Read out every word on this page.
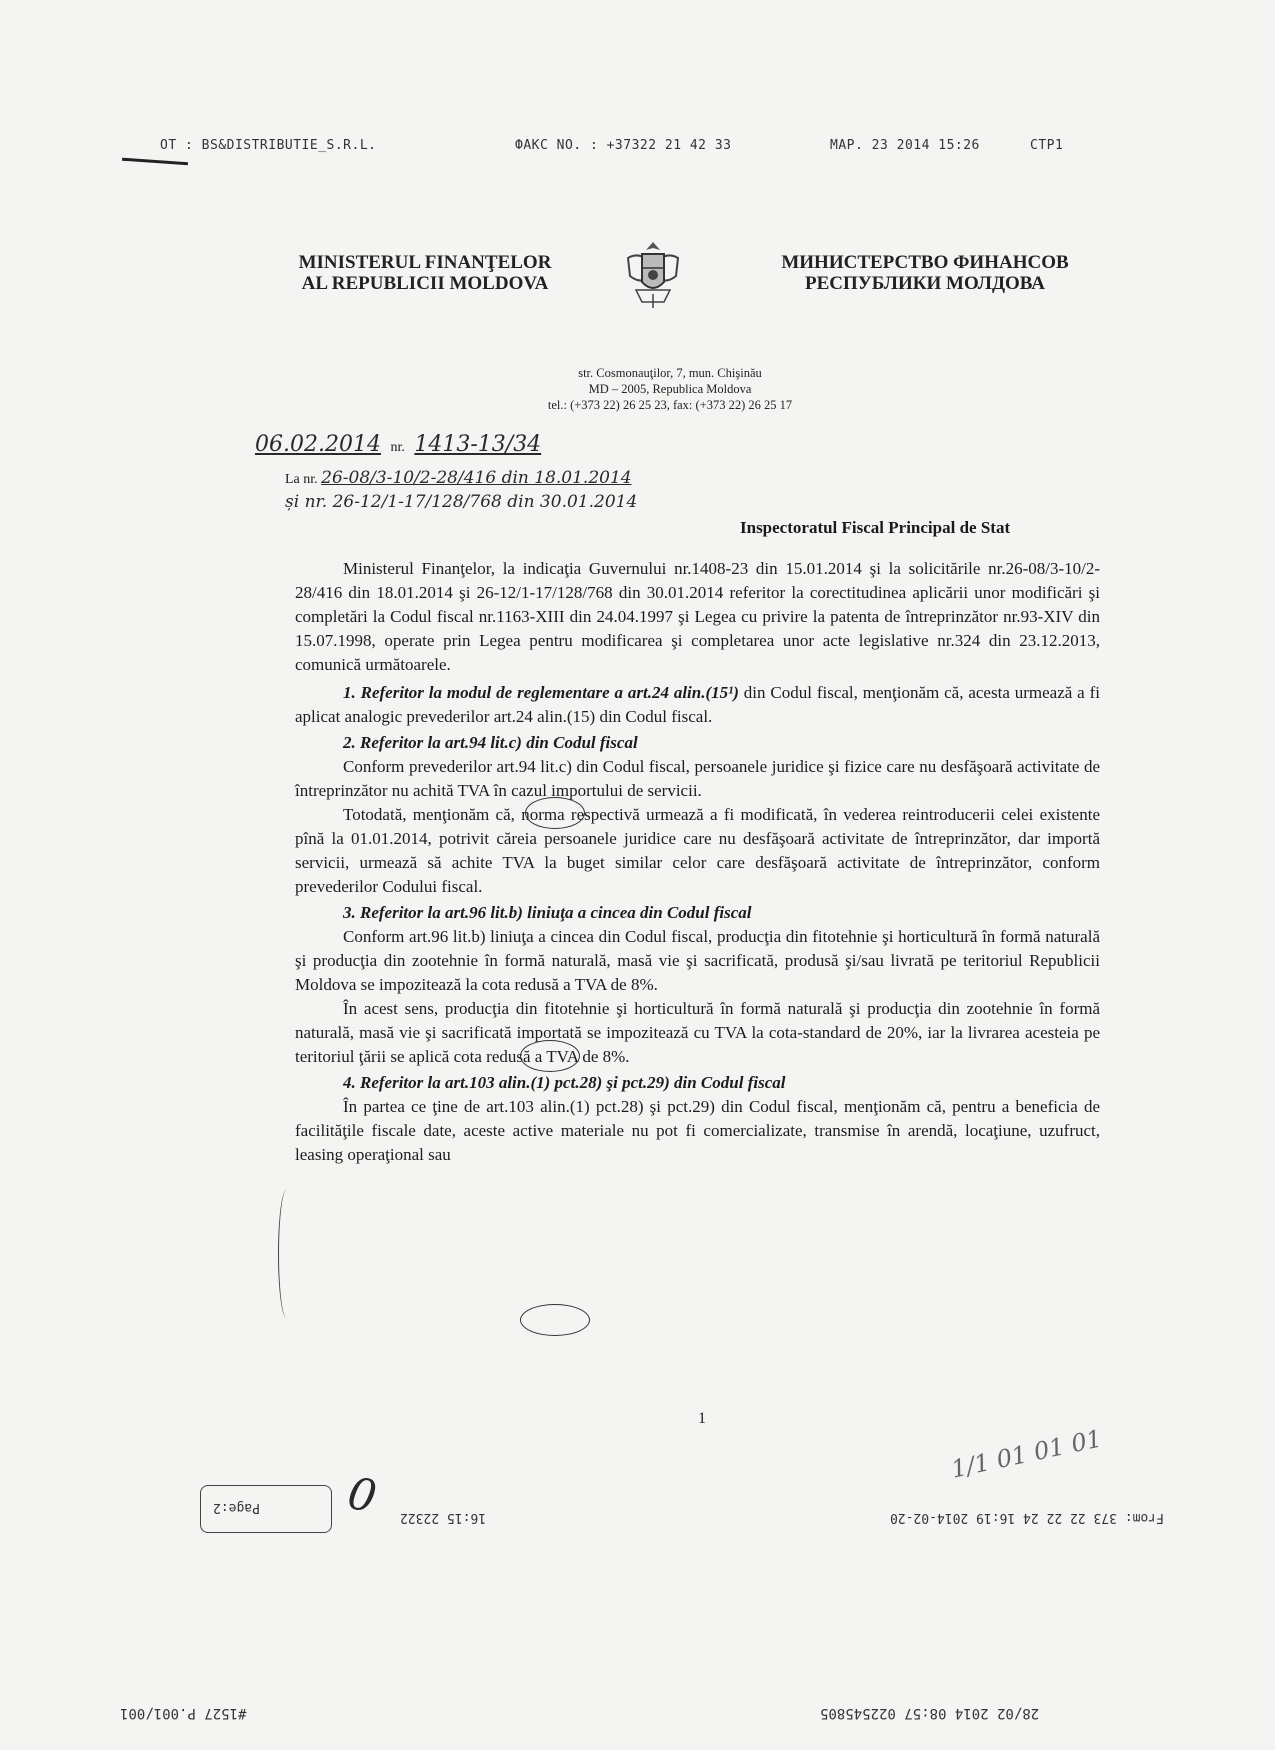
OT : BS&DISTRIBUTIE_S.R.L.	ФАКС NO. : +37322 21 42 33	МАР. 23 2014 15:26	СТР1
MINISTERUL FINANŢELOR
AL REPUBLICII MOLDOVA
МИНИСТЕРСТВО ФИНАНСОВ
РЕСПУБЛИКИ МОЛДОВА
str. Cosmonauţilor, 7, mun. Chişinău
MD – 2005, Republica Moldova
tel.: (+373 22) 26 25 23, fax: (+373 22) 26 25 17
06.02.2014 nr. 1413-13/34
La nr. 26-08/3-10/2-28/416 din 18.01.2014
și nr. 26-12/1-17/128/768 din 30.01.2014
Inspectoratul Fiscal Principal de Stat

Ministerul Finanţelor, la indicaţia Guvernului nr.1408-23 din 15.01.2014 şi la solicitările nr.26-08/3-10/2-28/416 din 18.01.2014 şi 26-12/1-17/128/768 din 30.01.2014 referitor la corectitudinea aplicării unor modificări şi completări la Codul fiscal nr.1163-XIII din 24.04.1997 şi Legea cu privire la patenta de întreprinzător nr.93-XIV din 15.07.1998, operate prin Legea pentru modificarea şi completarea unor acte legislative nr.324 din 23.12.2013, comunică următoarele.

1. Referitor la modul de reglementare a art.24 alin.(15¹) din Codul fiscal, menţionăm că, acesta urmează a fi aplicat analogic prevederilor art.24 alin.(15) din Codul fiscal.

2. Referitor la art.94 lit.c) din Codul fiscal

Conform prevederilor art.94 lit.c) din Codul fiscal, persoanele juridice şi fizice care nu desfăşoară activitate de întreprinzător nu achită TVA în cazul importului de servicii.

Totodată, menţionăm că, norma respectivă urmează a fi modificată, în vederea reintroducerii celei existente pînă la 01.01.2014, potrivit căreia persoanele juridice care nu desfăşoară activitate de întreprinzător, dar importă servicii, urmează să achite TVA la buget similar celor care desfăşoară activitate de întreprinzător, conform prevederilor Codului fiscal.

3. Referitor la art.96 lit.b) liniuţa a cincea din Codul fiscal

Conform art.96 lit.b) liniuţa a cincea din Codul fiscal, producţia din fitotehnie şi horticultură în formă naturală şi producţia din zootehnie în formă naturală, masă vie şi sacrificată, produsă şi/sau livrată pe teritoriul Republicii Moldova se impozitează la cota redusă a TVA de 8%.

În acest sens, producţia din fitotehnie şi horticultură în formă naturală şi producţia din zootehnie în formă naturală, masă vie şi sacrificată importată se impozitează cu TVA la cota-standard de 20%, iar la livrarea acesteia pe teritoriul ţării se aplică cota redusă a TVA de 8%.

4. Referitor la art.103 alin.(1) pct.28) şi pct.29) din Codul fiscal

În partea ce ţine de art.103 alin.(1) pct.28) şi pct.29) din Codul fiscal, menţionăm că, pentru a beneficia de facilităţile fiscale date, aceste active materiale nu pot fi comercializate, transmise în arendă, locaţiune, uzufruct, leasing operaţional sau

1
1/1 01 01 01
Page:2 0 16:15 22322	From: 373 22 22 24 16:19 2014-02-20
#1527 P.001/001	28/02 2014 08:57 022545805
